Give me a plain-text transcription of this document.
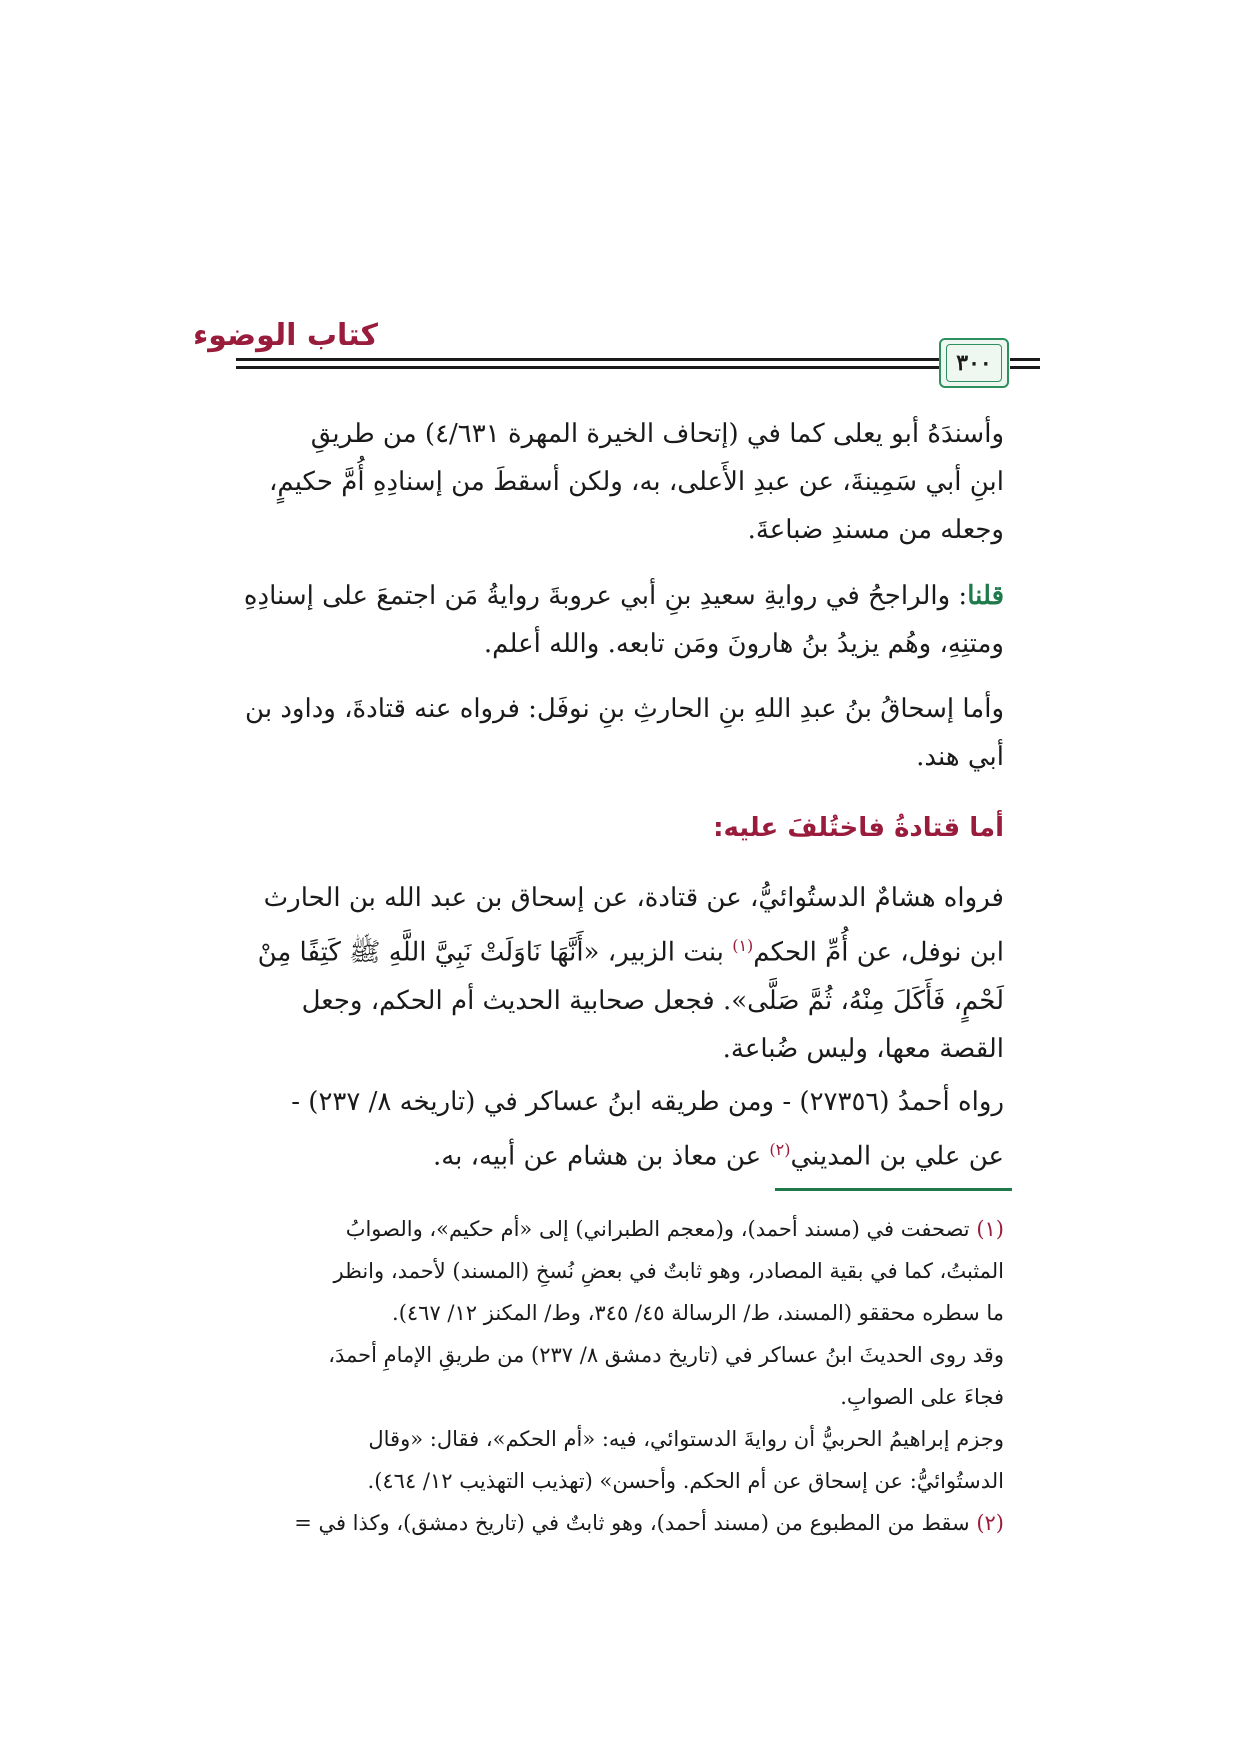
كتاب الوضوء
٣٠٠
وأسندَهُ أبو يعلى كما في (إتحاف الخيرة المهرة ٤/٦٣١) من طريقِ
ابنِ أبي سَمِينةَ، عن عبدِ الأَعلى، به، ولكن أسقطَ من إسنادِهِ أُمَّ حكيمٍ،
وجعله من مسندِ ضباعةَ.
قلنا: والراجحُ في روايةِ سعيدِ بنِ أبي عروبةَ روايةُ مَن اجتمعَ على إسنادِهِ
ومتنِهِ، وهُم يزيدُ بنُ هارونَ ومَن تابعه. والله أعلم.
وأما إسحاقُ بنُ عبدِ اللهِ بنِ الحارثِ بنِ نوفَل: فرواه عنه قتادةَ، وداود بن
أبي هند.
أما قتادةُ فاختُلفَ عليه:
فرواه هشامٌ الدستُوائيُّ، عن قتادة، عن إسحاق بن عبد الله بن الحارث
ابن نوفل، عن أُمِّ الحكم$^{(١)}$ بنت الزبير، «أَنَّهَا نَاوَلَتْ نَبِيَّ اللَّهِ ﷺ كَتِفًا مِنْ
لَحْمٍ، فَأَكَلَ مِنْهُ، ثُمَّ صَلَّى». فجعل صحابية الحديث أم الحكم، وجعل
القصة معها، وليس ضُباعة.
رواه أحمدُ (٢٧٣٥٦) - ومن طريقه ابنُ عساكر في (تاريخه ٨/ ٢٣٧) -
عن علي بن المديني$^{(٢)}$ عن معاذ بن هشام عن أبيه، به.
(١) تصحفت في (مسند أحمد)، و(معجم الطبراني) إلى «أم حكيم»، والصوابُ
المثبتُ، كما في بقية المصادر، وهو ثابتٌ في بعضِ نُسخِ (المسند) لأحمد، وانظر
ما سطره محققو (المسند، ط/ الرسالة ٤٥/ ٣٤٥، وط/ المكنز ١٢/ ٤٦٧).
وقد روى الحديثَ ابنُ عساكر في (تاريخ دمشق ٨/ ٢٣٧) من طريقِ الإمامِ أحمدَ،
فجاءَ على الصوابِ.
وجزم إبراهيمُ الحربيُّ أن روايةَ الدستوائي، فيه: «أم الحكم»، فقال: «وقال
الدستُوائيُّ: عن إسحاق عن أم الحكم. وأحسن» (تهذيب التهذيب ١٢/ ٤٦٤).
(٢) سقط من المطبوع من (مسند أحمد)، وهو ثابتٌ في (تاريخ دمشق)، وكذا في =
